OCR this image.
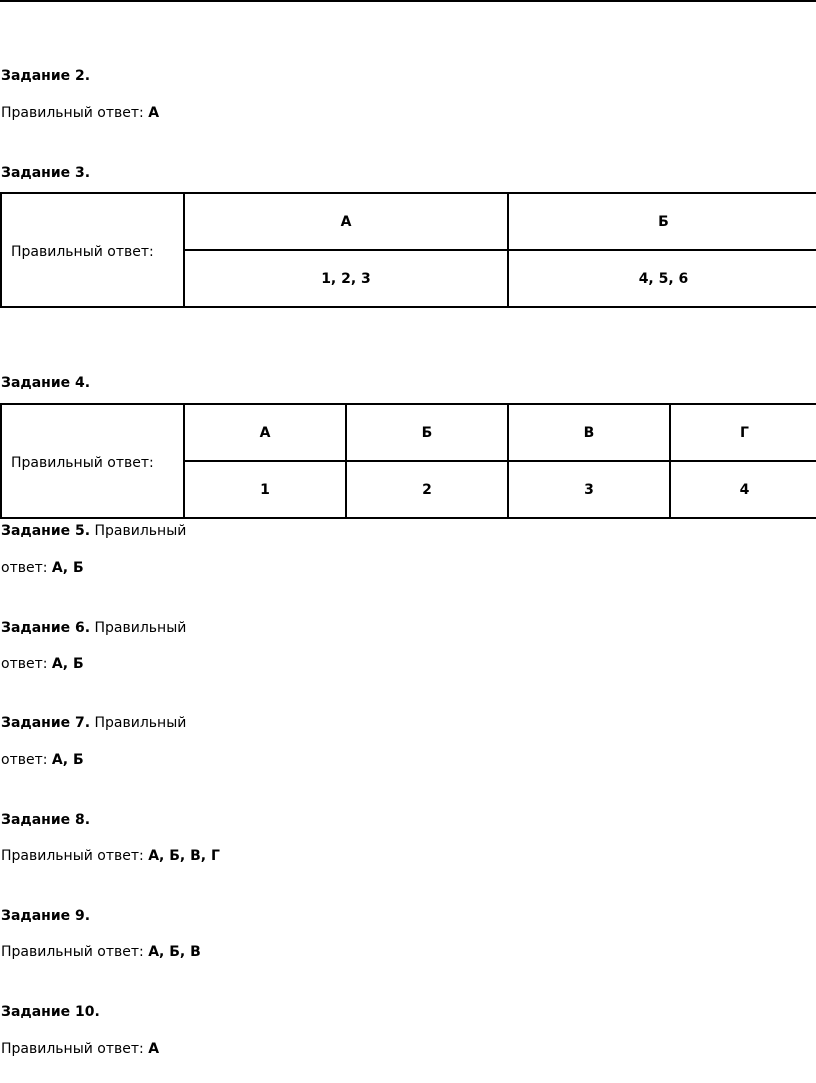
Задание 2.
Правильный ответ: А
Задание 3.
Правильный ответ:	А	Б
	1, 2, 3	4, 5, 6
Задание 4.
Правильный ответ:	А	Б	В	Г
	1	2	3	4
Задание 5. Правильный
ответ: А, Б
Задание 6. Правильный
ответ: А, Б
Задание 7. Правильный
ответ: А, Б
Задание 8.
Правильный ответ: А, Б, В, Г
Задание 9.
Правильный ответ: А, Б, В
Задание 10.
Правильный ответ: А
